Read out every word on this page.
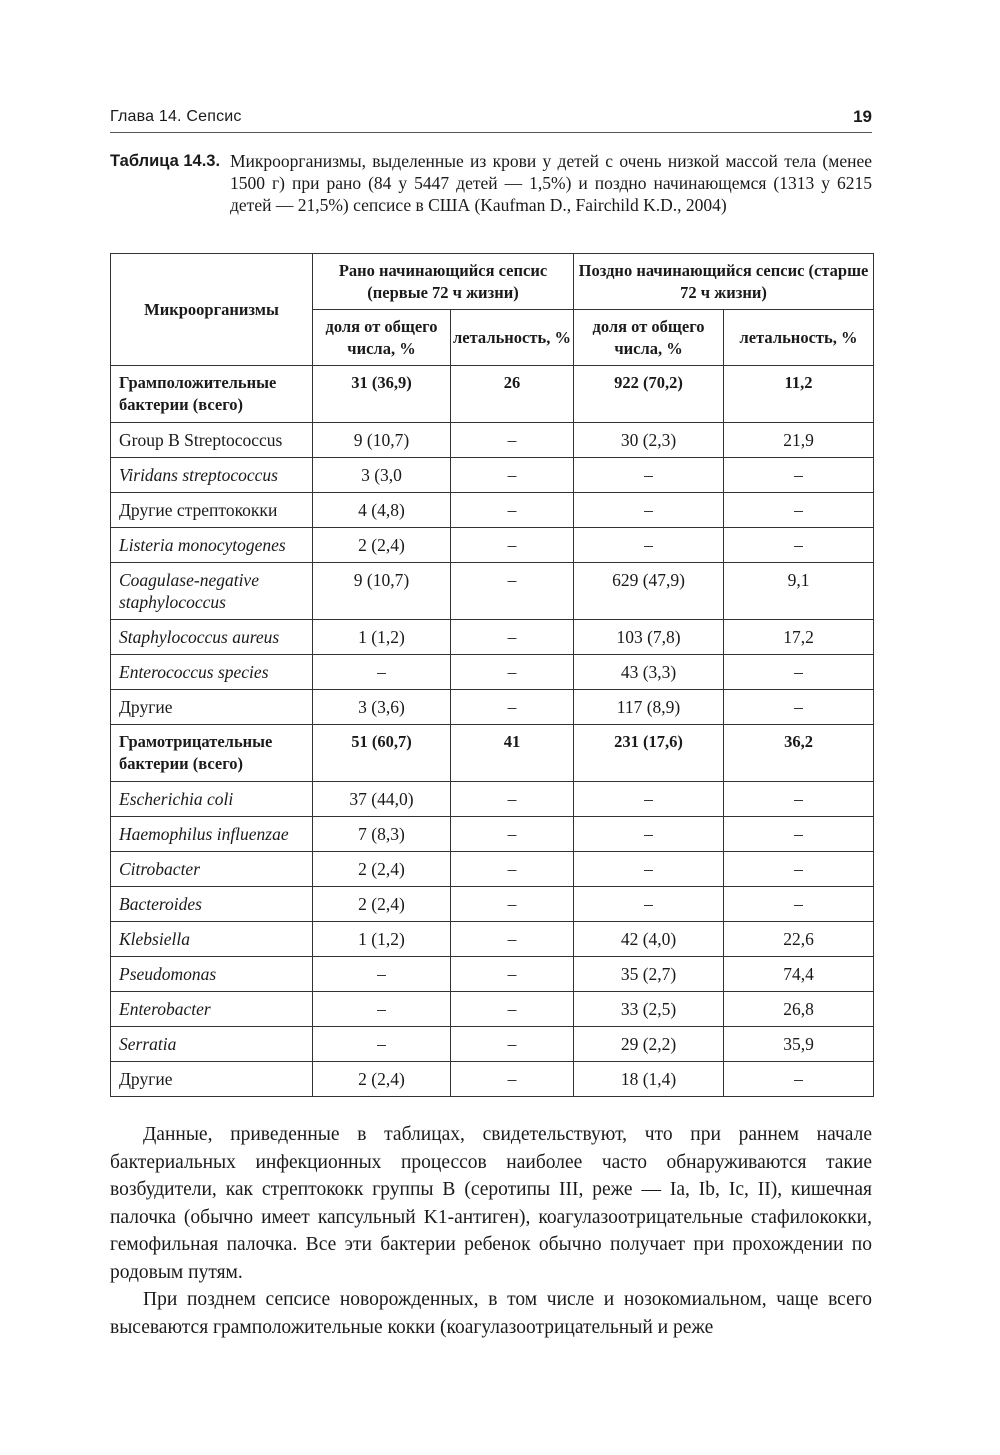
Глава 14. Сепсис	19
Таблица 14.3. Микроорганизмы, выделенные из крови у детей с очень низкой массой тела (менее 1500 г) при рано (84 у 5447 детей — 1,5%) и поздно начинающемся (1313 у 6215 детей — 21,5%) сепсисе в США (Kaufman D., Fairchild K.D., 2004)
Микроорганизмы	Рано начинающийся сепсис (первые 72 ч жизни)		Поздно начинающийся сепсис (старше 72 ч жизни)	
	доля от общего числа, %	летальность, %	доля от общего числа, %	летальность, %
Грамположительные бактерии (всего)	31 (36,9)	26	922 (70,2)	11,2
Group B Streptococcus	9 (10,7)	–	30 (2,3)	21,9
Viridans streptococcus	3 (3,0	–	–	–
Другие стрептококки	4 (4,8)	–	–	–
Listeria monocytogenes	2 (2,4)	–	–	–
Coagulase-negative staphylococcus	9 (10,7)	–	629 (47,9)	9,1
Staphylococcus aureus	1 (1,2)	–	103 (7,8)	17,2
Enterococcus species	–	–	43 (3,3)	–
Другие	3 (3,6)	–	117 (8,9)	–
Грамотрицательные бактерии (всего)	51 (60,7)	41	231 (17,6)	36,2
Escherichia coli	37 (44,0)	–	–	–
Haemophilus influenzae	7 (8,3)	–	–	–
Citrobacter	2 (2,4)	–	–	–
Bacteroides	2 (2,4)	–	–	–
Klebsiella	1 (1,2)	–	42 (4,0)	22,6
Pseudomonas	–	–	35 (2,7)	74,4
Enterobacter	–	–	33 (2,5)	26,8
Serratia	–	–	29 (2,2)	35,9
Другие	2 (2,4)	–	18 (1,4)	–

Данные, приведенные в таблицах, свидетельствуют, что при раннем начале бактериальных инфекционных процессов наиболее часто обнаруживаются такие возбудители, как стрептококк группы В (серотипы III, реже — Ia, Ib, Ic, II), кишечная палочка (обычно имеет капсульный K1-антиген), коагулазоотрицательные стафилококки, гемофильная палочка. Все эти бактерии ребенок обычно получает при прохождении по родовым путям.

При позднем сепсисе новорожденных, в том числе и нозокомиальном, чаще всего высеваются грамположительные кокки (коагулазоотрицательный и реже
